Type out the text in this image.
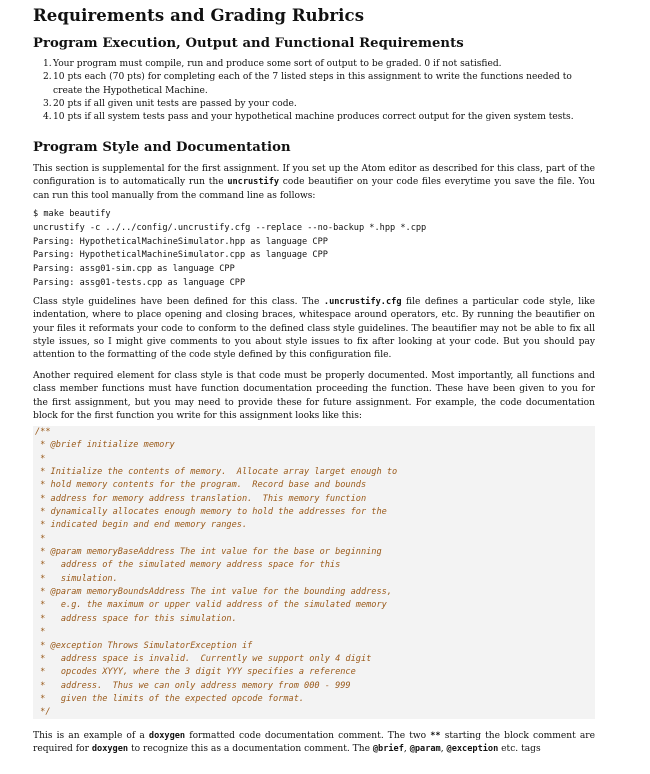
Requirements and Grading Rubrics
Program Execution, Output and Functional Requirements
1. Your program must compile, run and produce some sort of output to be graded. 0 if not satisfied.
2. 10 pts each (70 pts) for completing each of the 7 listed steps in this assignment to write the functions needed to create the Hypothetical Machine.
3. 20 pts if all given unit tests are passed by your code.
4. 10 pts if all system tests pass and your hypothetical machine produces correct output for the given system tests.
Program Style and Documentation

This section is supplemental for the first assignment. If you set up the Atom editor as described for this class, part of the configuration is to automatically run the uncrustify code beautifier on your code files everytime you save the file. You can run this tool manually from the command line as follows:

$ make beautify
uncrustify -c ../../config/.uncrustify.cfg --replace --no-backup *.hpp *.cpp
Parsing: HypotheticalMachineSimulator.hpp as language CPP
Parsing: HypotheticalMachineSimulator.cpp as language CPP
Parsing: assg01-sim.cpp as language CPP
Parsing: assg01-tests.cpp as language CPP

Class style guidelines have been defined for this class. The .uncrustify.cfg file defines a particular code style, like indentation, where to place opening and closing braces, whitespace around operators, etc. By running the beautifier on your files it reformats your code to conform to the defined class style guidelines. The beautifier may not be able to fix all style issues, so I might give comments to you about style issues to fix after looking at your code. But you should pay attention to the formatting of the code style defined by this configuration file.

Another required element for class style is that code must be properly documented. Most importantly, all functions and class member functions must have function documentation proceeding the function. These have been given to you for the first assignment, but you may need to provide these for future assignment. For example, the code documentation block for the first function you write for this assignment looks like this:

/**
* @brief initialize memory
*
* Initialize the contents of memory.  Allocate array larget enough to
* hold memory contents for the program.  Record base and bounds
* address for memory address translation.  This memory function
* dynamically allocates enough memory to hold the addresses for the
* indicated begin and end memory ranges.
*
* @param memoryBaseAddress The int value for the base or beginning
*   address of the simulated memory address space for this
*   simulation.
* @param memoryBoundsAddress The int value for the bounding address,
*   e.g. the maximum or upper valid address of the simulated memory
*   address space for this simulation.
*
* @exception Throws SimulatorException if
*   address space is invalid.  Currently we support only 4 digit
*   opcodes XYYY, where the 3 digit YYY specifies a reference
*   address.  Thus we can only address memory from 000 - 999
*   given the limits of the expected opcode format.
*/

This is an example of a doxygen formatted code documentation comment. The two ** starting the block comment are required for doxygen to recognize this as a documentation comment. The @brief, @param, @exception etc. tags
